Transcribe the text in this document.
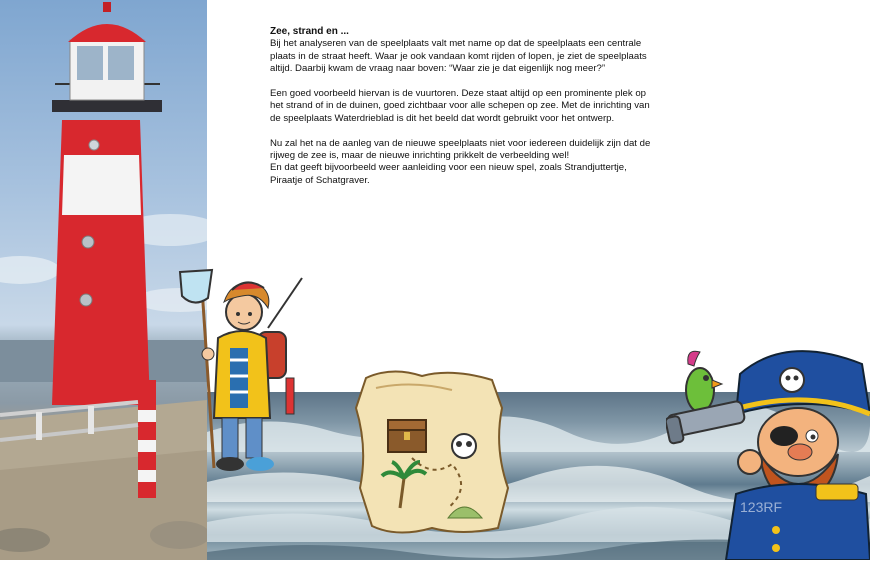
Zee, strand en ...

Bij het analyseren van de speelplaats valt met name op dat de speelplaats een centrale plaats in de straat heeft. Waar je ook vandaan komt rijden of lopen, je ziet de speelplaats altijd. Daarbij kwam de vraag naar boven: “Waar zie je dat eigenlijk nog meer?”

Een goed voorbeeld hiervan is de vuurtoren. Deze staat altijd op een prominente plek op het strand of in de duinen, goed zichtbaar voor alle schepen op zee. Met de inrichting van de speelplaats Waterdrieblad is dit het beeld dat wordt gebruikt voor het ontwerp.

Nu zal het na de aanleg van de nieuwe speelplaats niet voor iedereen duidelijk zijn dat de rijweg de zee is, maar de nieuwe inrichting prikkelt de verbeelding wel!
En dat geeft bijvoorbeeld weer aanleiding voor een nieuw spel, zoals Strandjuttertje, Piraatje of Schatgraver.

123RF
